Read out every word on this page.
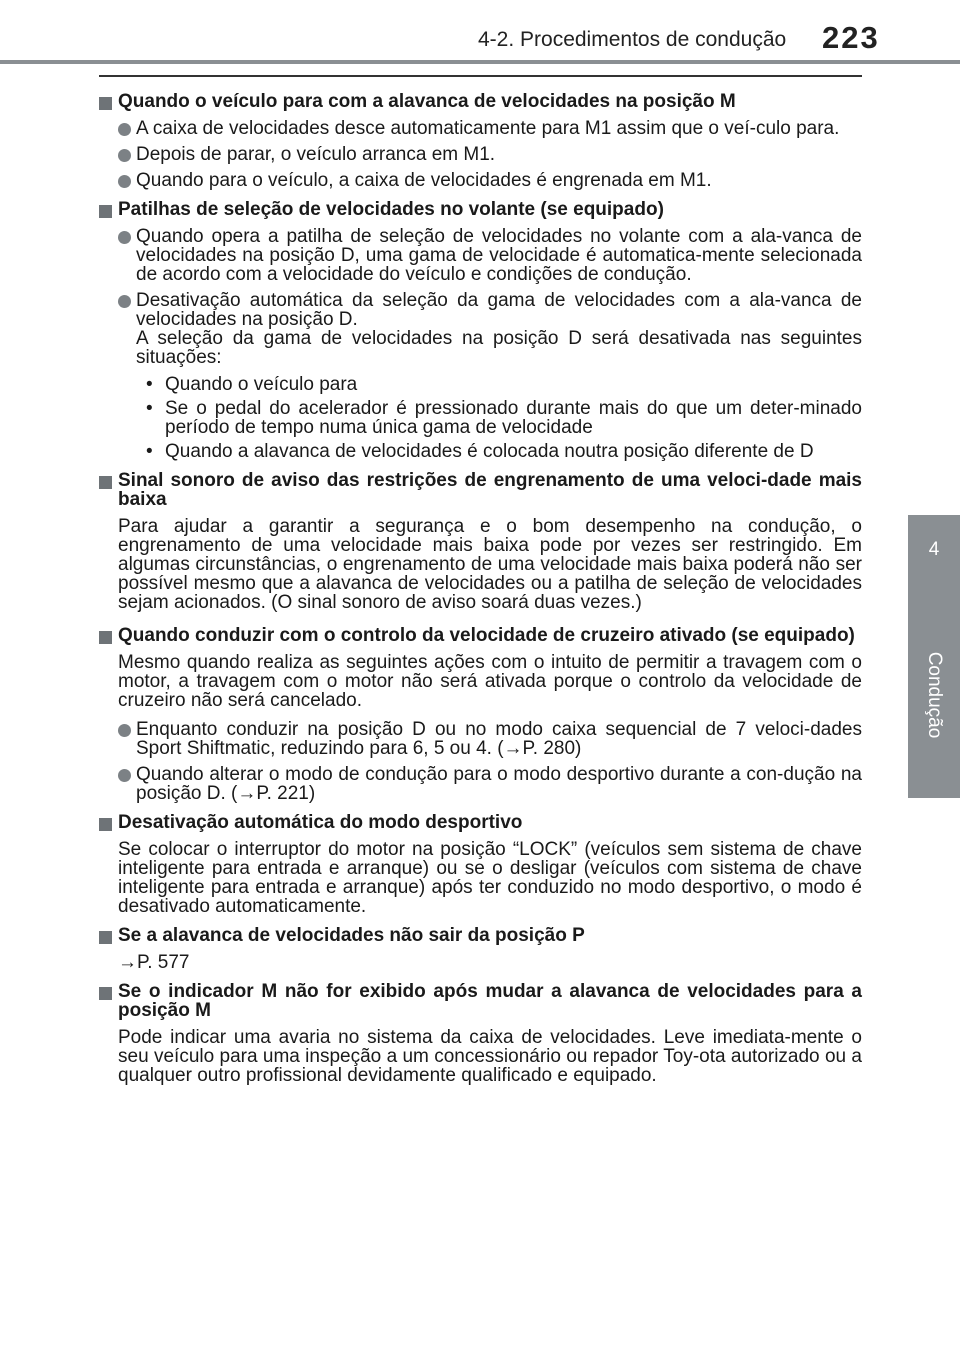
4-2. Procedimentos de condução 223
4
Condução
Quando o veículo para com a alavanca de velocidades na posição M
A caixa de velocidades desce automaticamente para M1 assim que o veí-culo para.
Depois de parar, o veículo arranca em M1.
Quando para o veículo, a caixa de velocidades é engrenada em M1.
Patilhas de seleção de velocidades no volante (se equipado)
Quando opera a patilha de seleção de velocidades no volante com a ala-vanca de velocidades na posição D, uma gama de velocidade é automatica-mente selecionada de acordo com a velocidade do veículo e condições de condução.
Desativação automática da seleção da gama de velocidades com a ala-vanca de velocidades na posição D.
A seleção da gama de velocidades na posição D será desativada nas seguintes situações:
• Quando o veículo para
• Se o pedal do acelerador é pressionado durante mais do que um deter-minado período de tempo numa única gama de velocidade
• Quando a alavanca de velocidades é colocada noutra posição diferente de D
Sinal sonoro de aviso das restrições de engrenamento de uma veloci-dade mais baixa
Para ajudar a garantir a segurança e o bom desempenho na condução, o engrenamento de uma velocidade mais baixa pode por vezes ser restringido. Em algumas circunstâncias, o engrenamento de uma velocidade mais baixa poderá não ser possível mesmo que a alavanca de velocidades ou a patilha de seleção de velocidades sejam acionados. (O sinal sonoro de aviso soará duas vezes.)
Quando conduzir com o controlo da velocidade de cruzeiro ativado (se equipado)
Mesmo quando realiza as seguintes ações com o intuito de permitir a travagem com o motor, a travagem com o motor não será ativada porque o controlo da velocidade de cruzeiro não será cancelado.
Enquanto conduzir na posição D ou no modo caixa sequencial de 7 veloci-dades Sport Shiftmatic, reduzindo para 6, 5 ou 4. (→P. 280)
Quando alterar o modo de condução para o modo desportivo durante a con-dução na posição D. (→P. 221)
Desativação automática do modo desportivo
Se colocar o interruptor do motor na posição “LOCK” (veículos sem sistema de chave inteligente para entrada e arranque) ou se o desligar (veículos com sistema de chave inteligente para entrada e arranque) após ter conduzido no modo desportivo, o modo é desativado automaticamente.
Se a alavanca de velocidades não sair da posição P
→P. 577
Se o indicador M não for exibido após mudar a alavanca de velocidades para a posição M
Pode indicar uma avaria no sistema da caixa de velocidades. Leve imediata-mente o seu veículo para uma inspeção a um concessionário ou repador Toy-ota autorizado ou a qualquer outro profissional devidamente qualificado e equipado.
